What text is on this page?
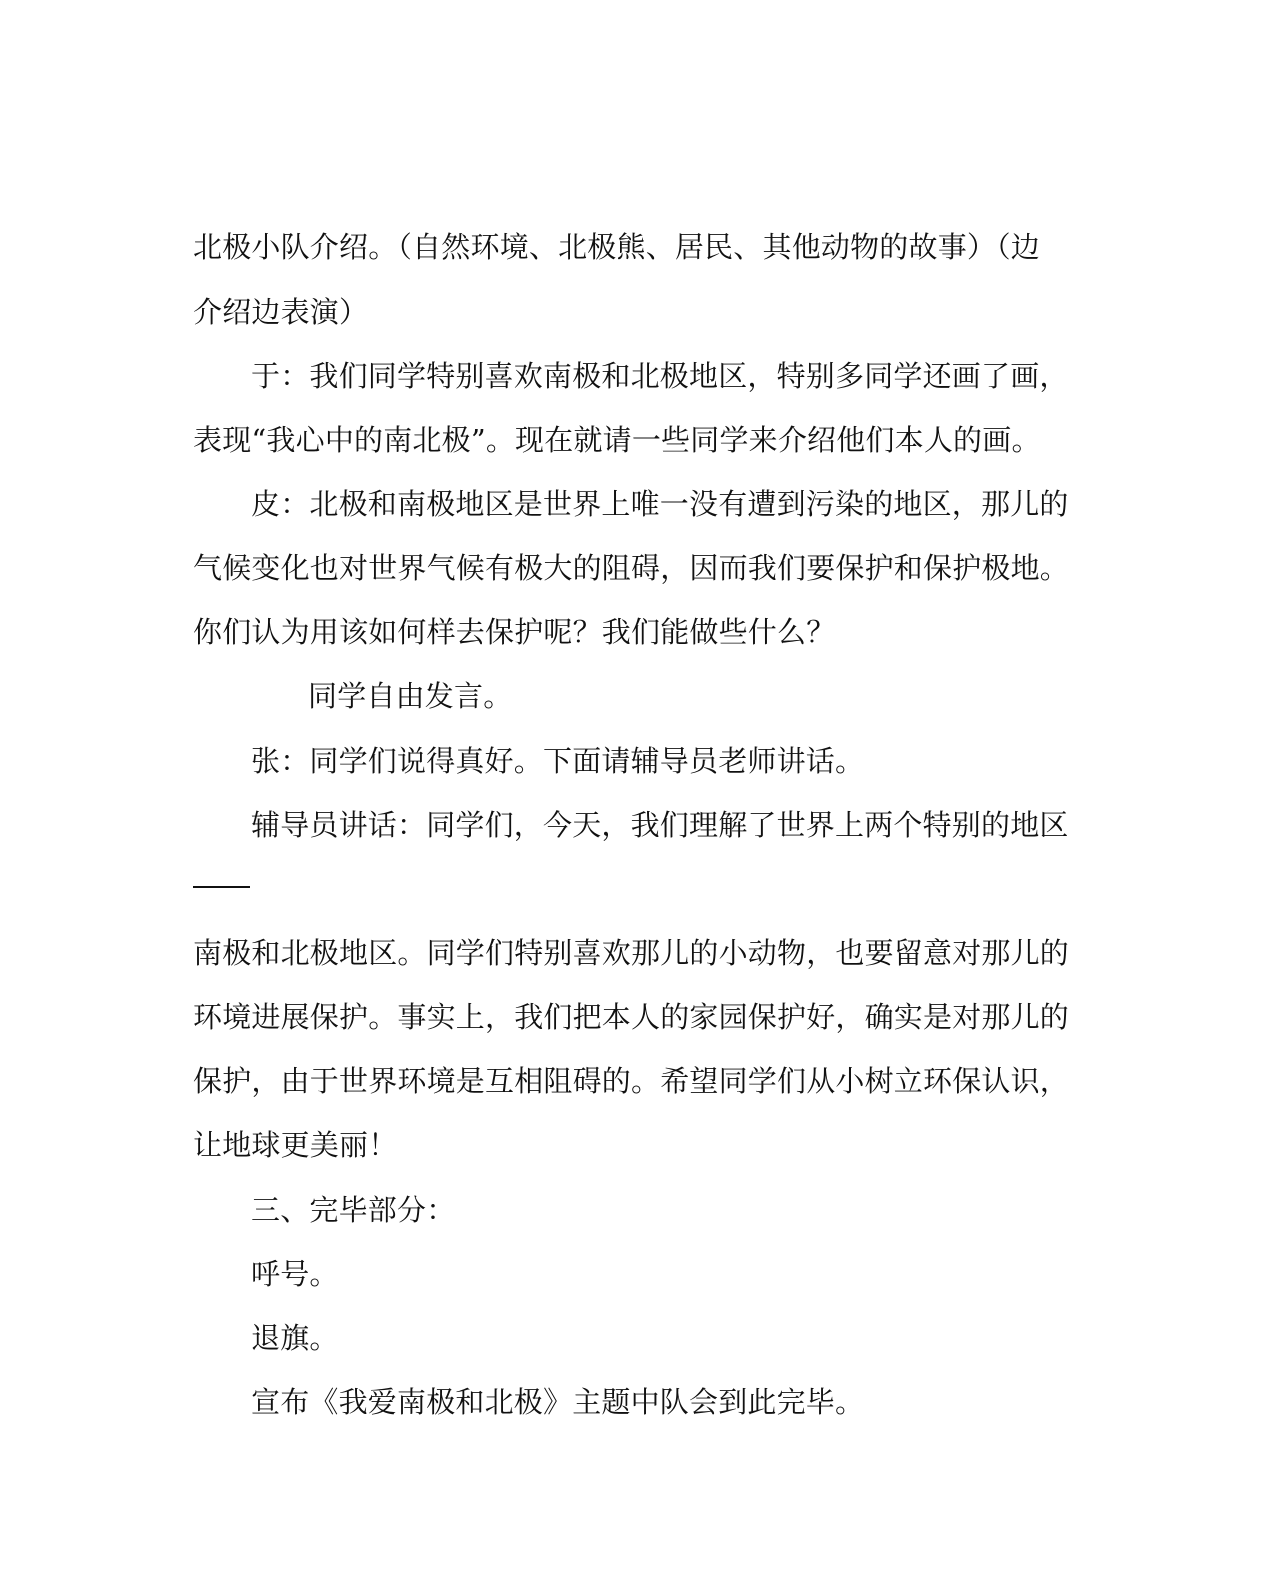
北极小队介绍。（自然环境、北极熊、居民、其他动物的故事）（边
介绍边表演）
于：我们同学特别喜欢南极和北极地区，特别多同学还画了画，
表现“我心中的南北极”。现在就请一些同学来介绍他们本人的画。
皮：北极和南极地区是世界上唯一没有遭到污染的地区，那儿的
气候变化也对世界气候有极大的阻碍，因而我们要保护和保护极地。
你们认为用该如何样去保护呢？我们能做些什么？
同学自由发言。
张：同学们说得真好。下面请辅导员老师讲话。
辅导员讲话：同学们，今天，我们理解了世界上两个特别的地区
南极和北极地区。同学们特别喜欢那儿的小动物，也要留意对那儿的
环境进展保护。事实上，我们把本人的家园保护好，确实是对那儿的
保护，由于世界环境是互相阻碍的。希望同学们从小树立环保认识，
让地球更美丽！
三、完毕部分：
呼号。
退旗。
宣布《我爱南极和北极》主题中队会到此完毕。
